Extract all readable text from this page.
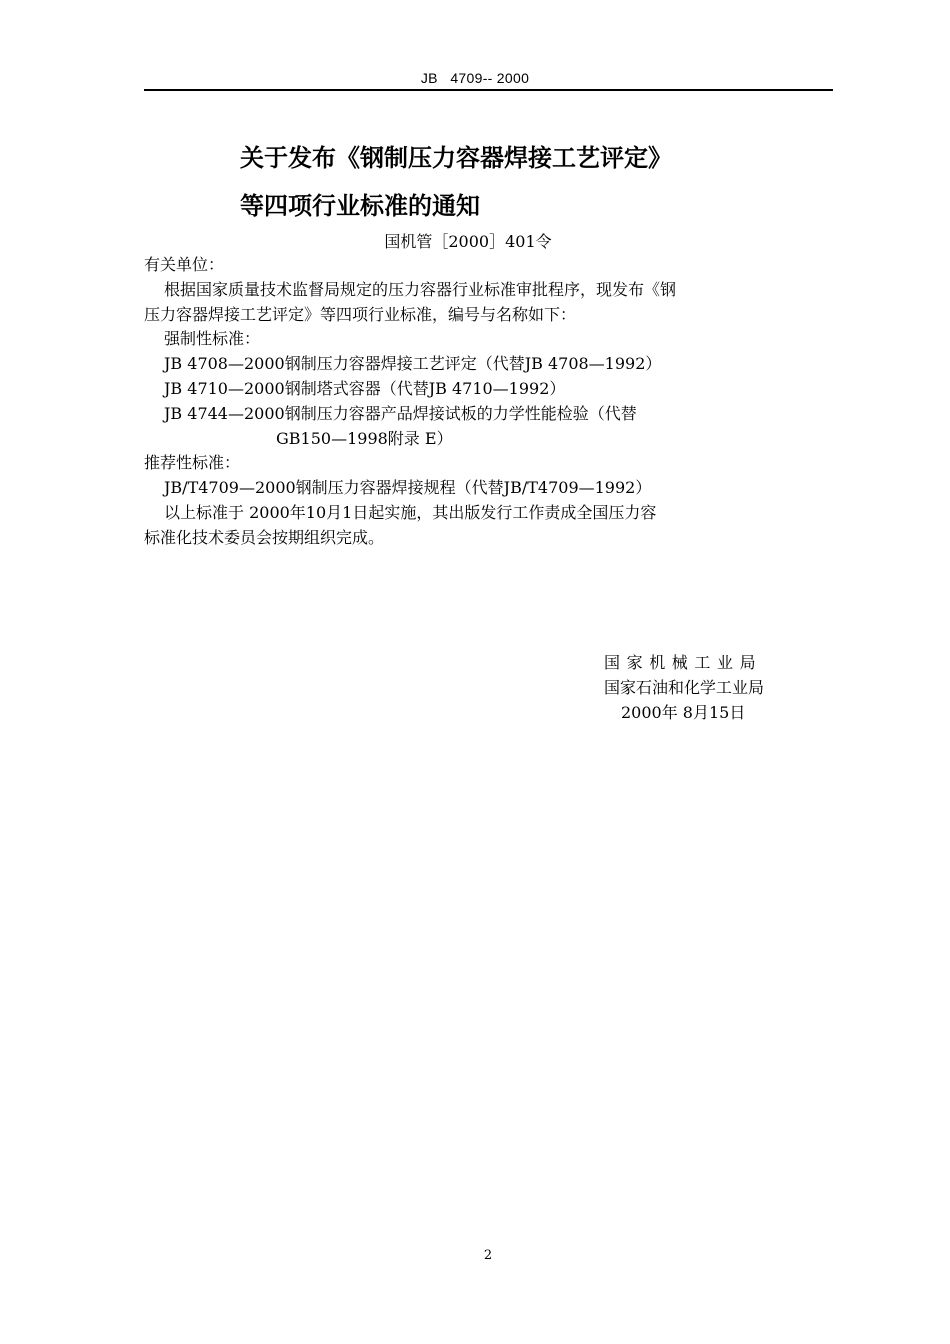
JB   4709-- 2000
关于发布《钢制压力容器焊接工艺评定》
等四项行业标准的通知
国机管［2000］401令

有关单位：

根据国家质量技术监督局规定的压力容器行业标准审批程序，现发布《钢

压力容器焊接工艺评定》等四项行业标准，编号与名称如下：

强制性标准：

JB 4708—2000钢制压力容器焊接工艺评定（代替JB 4708—1992）

JB 4710—2000钢制塔式容器（代替JB 4710—1992）

JB 4744—2000钢制压力容器产品焊接试板的力学性能检验（代替

GB150—1998附录 E）

推荐性标准：

JB/T4709—2000钢制压力容器焊接规程（代替JB/T4709—1992）

以上标准于 2000年10月1日起实施，其出版发行工作责成全国压力容

标准化技术委员会按期组织完成。

国家机械工业局
国家石油和化学工业局
2000年 8月15日
2
